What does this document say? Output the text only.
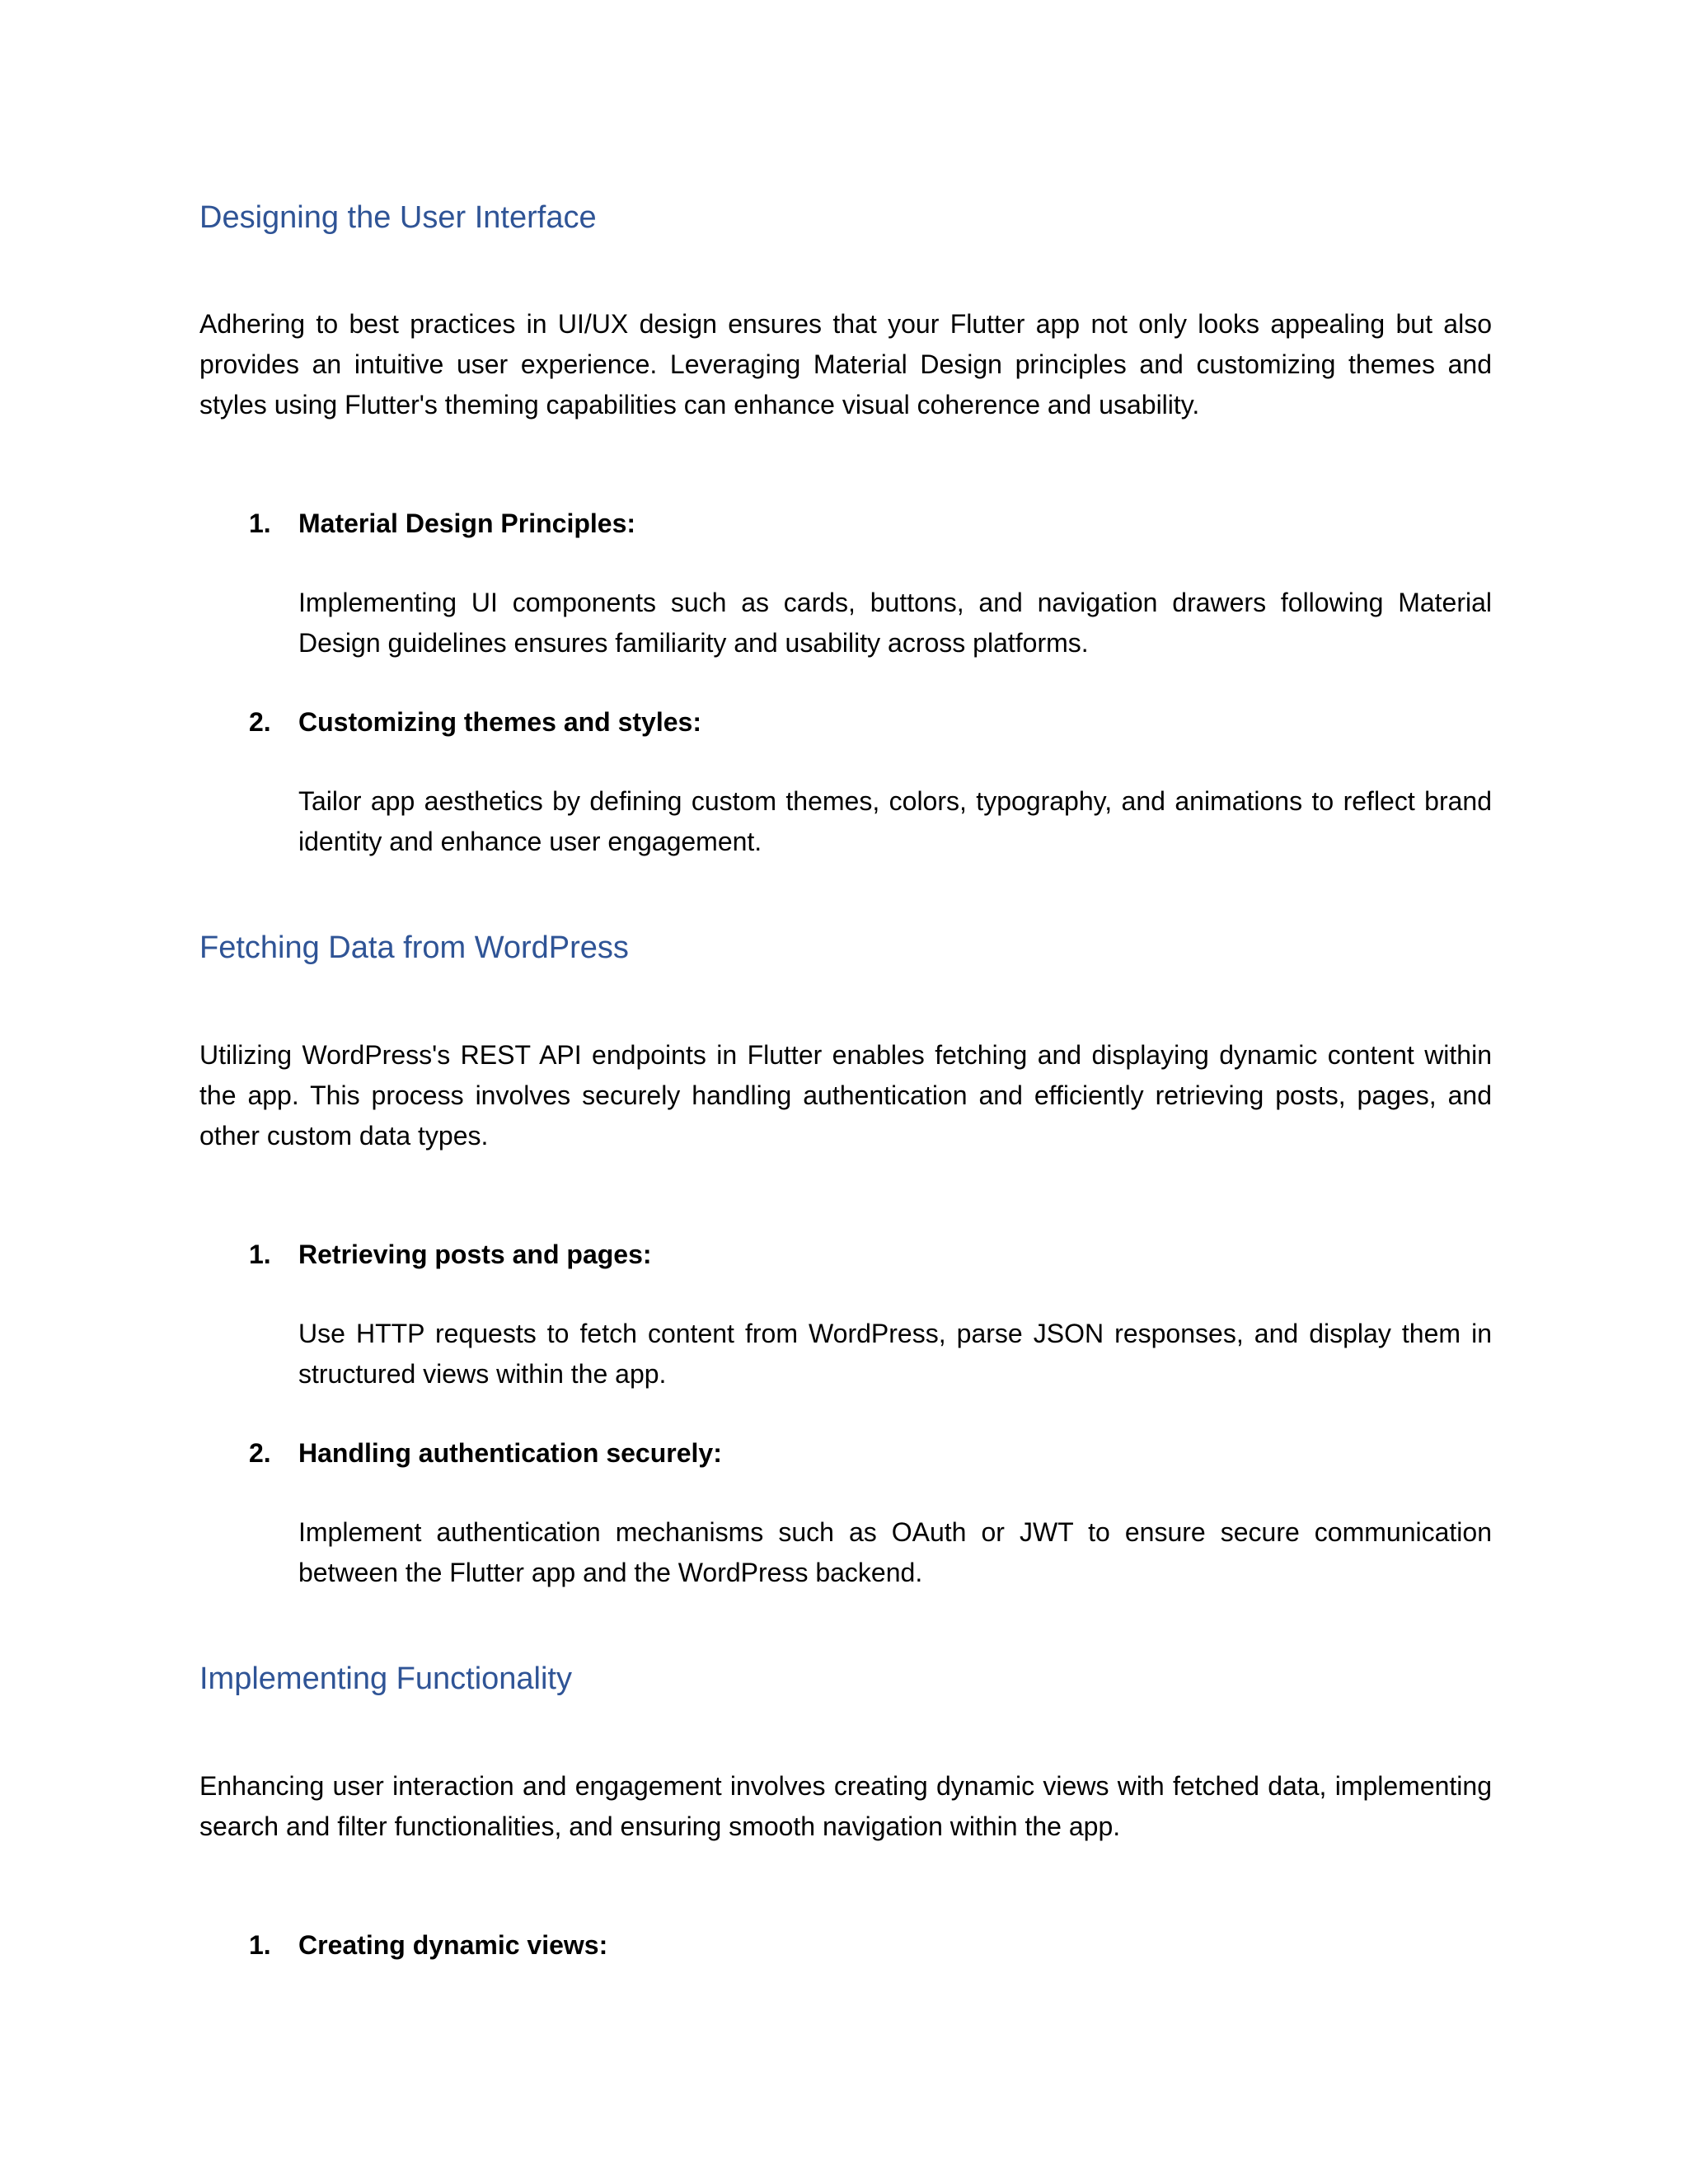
Designing the User Interface

Adhering to best practices in UI/UX design ensures that your Flutter app not only looks appealing but also provides an intuitive user experience. Leveraging Material Design principles and customizing themes and styles using Flutter's theming capabilities can enhance visual coherence and usability.

1. Material Design Principles:

Implementing UI components such as cards, buttons, and navigation drawers following Material Design guidelines ensures familiarity and usability across platforms.

2. Customizing themes and styles:

Tailor app aesthetics by defining custom themes, colors, typography, and animations to reflect brand identity and enhance user engagement.

Fetching Data from WordPress

Utilizing WordPress's REST API endpoints in Flutter enables fetching and displaying dynamic content within the app. This process involves securely handling authentication and efficiently retrieving posts, pages, and other custom data types.

1. Retrieving posts and pages:

Use HTTP requests to fetch content from WordPress, parse JSON responses, and display them in structured views within the app.

2. Handling authentication securely:

Implement authentication mechanisms such as OAuth or JWT to ensure secure communication between the Flutter app and the WordPress backend.

Implementing Functionality

Enhancing user interaction and engagement involves creating dynamic views with fetched data, implementing search and filter functionalities, and ensuring smooth navigation within the app.

1. Creating dynamic views:
